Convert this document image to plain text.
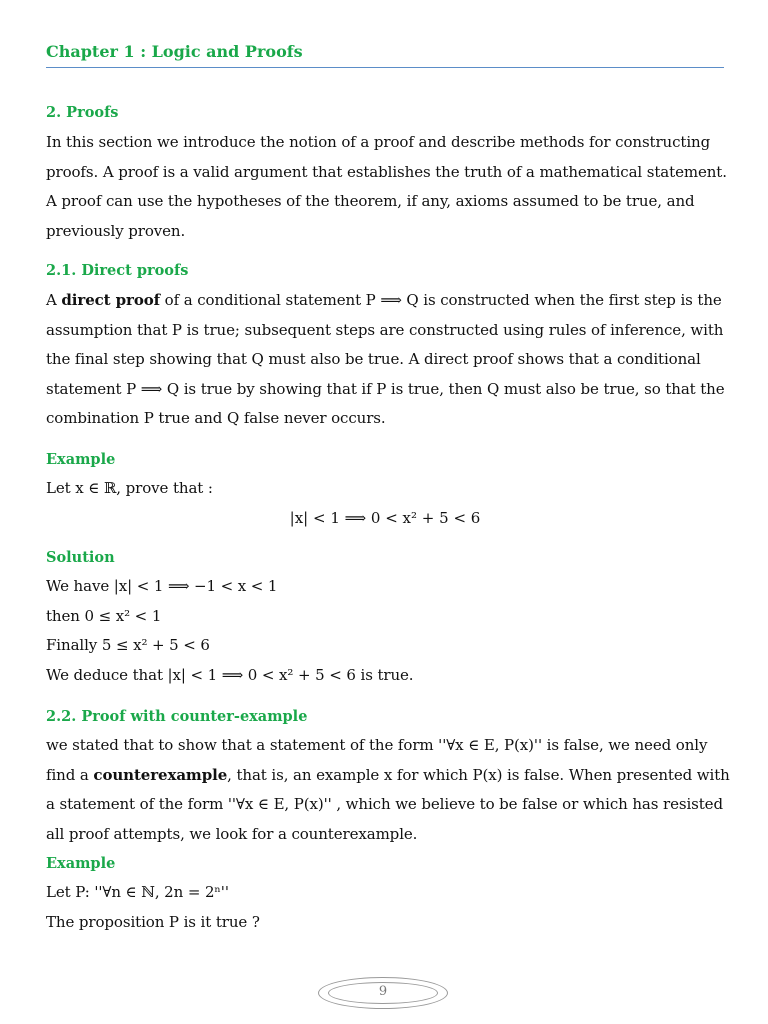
Chapter 1 : Logic and Proofs
2. Proofs
In this section we introduce the notion of a proof and describe methods for constructing
proofs. A proof is a valid argument that establishes the truth of a mathematical statement.
A proof can use the hypotheses of the theorem, if any, axioms assumed to be true, and
previously proven.
2.1. Direct proofs
A direct proof of a conditional statement P ⟹ Q is constructed when the first step is the
assumption that P is true; subsequent steps are constructed using rules of inference, with
the final step showing that Q must also be true. A direct proof shows that a conditional
statement P ⟹ Q is true by showing that if P is true, then Q must also be true, so that the
combination P true and Q false never occurs.
Example
Let x ∈ ℝ, prove that :
|x| < 1 ⟹ 0 < x² + 5 < 6
Solution
We have |x| < 1 ⟹ −1 < x < 1
then 0 ≤ x² < 1
Finally 5 ≤ x² + 5 < 6
We deduce that |x| < 1 ⟹ 0 < x² + 5 < 6 is true.
2.2. Proof with counter-example
we stated that to show that a statement of the form ''∀x ∈ E, P(x)'' is false, we need only
find a counterexample, that is, an example x for which P(x) is false. When presented with
a statement of the form ''∀x ∈ E, P(x)'' , which we believe to be false or which has resisted
all proof attempts, we look for a counterexample.
Example
Let P: ''∀n ∈ ℕ, 2n = 2ⁿ''
The proposition P is it true ?
9
